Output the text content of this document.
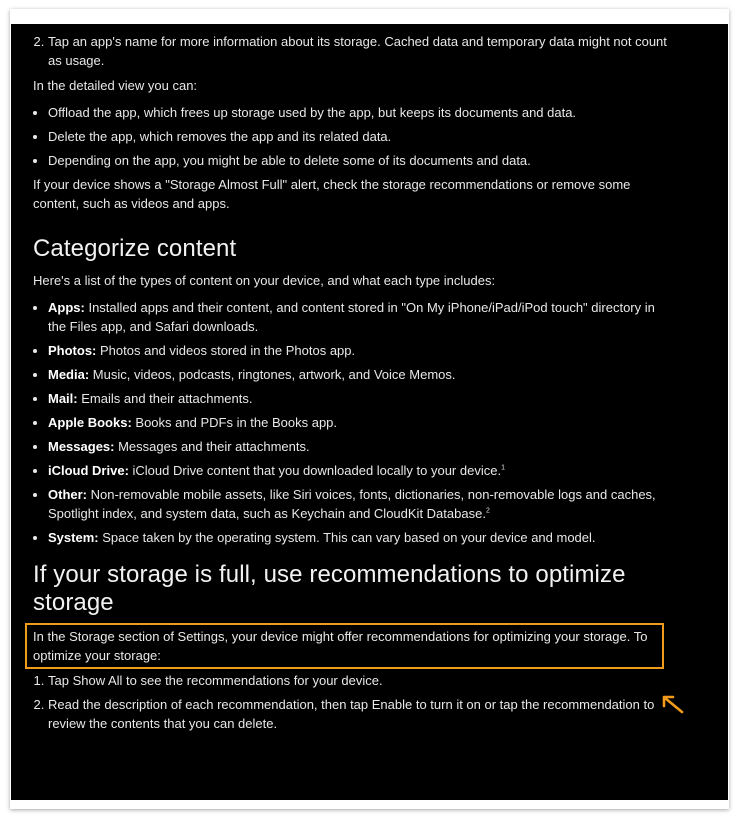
2. Tap an app's name for more information about its storage. Cached data and temporary data might not count as usage.

In the detailed view you can:

• Offload the app, which frees up storage used by the app, but keeps its documents and data.
• Delete the app, which removes the app and its related data.
• Depending on the app, you might be able to delete some of its documents and data.

If your device shows a "Storage Almost Full" alert, check the storage recommendations or remove some content, such as videos and apps.

Categorize content

Here's a list of the types of content on your device, and what each type includes:

• Apps: Installed apps and their content, and content stored in "On My iPhone/iPad/iPod touch" directory in the Files app, and Safari downloads.
• Photos: Photos and videos stored in the Photos app.
• Media: Music, videos, podcasts, ringtones, artwork, and Voice Memos.
• Mail: Emails and their attachments.
• Apple Books: Books and PDFs in the Books app.
• Messages: Messages and their attachments.
• iCloud Drive: iCloud Drive content that you downloaded locally to your device.$^1$
• Other: Non-removable mobile assets, like Siri voices, fonts, dictionaries, non-removable logs and caches, Spotlight index, and system data, such as Keychain and CloudKit Database.$^2$
• System: Space taken by the operating system. This can vary based on your device and model.
If your storage is full, use recommendations to optimize storage

In the Storage section of Settings, your device might offer recommendations for optimizing your storage. To optimize your storage:

1. Tap Show All to see the recommendations for your device.
2. Read the description of each recommendation, then tap Enable to turn it on or tap the recommendation to review the contents that you can delete.
